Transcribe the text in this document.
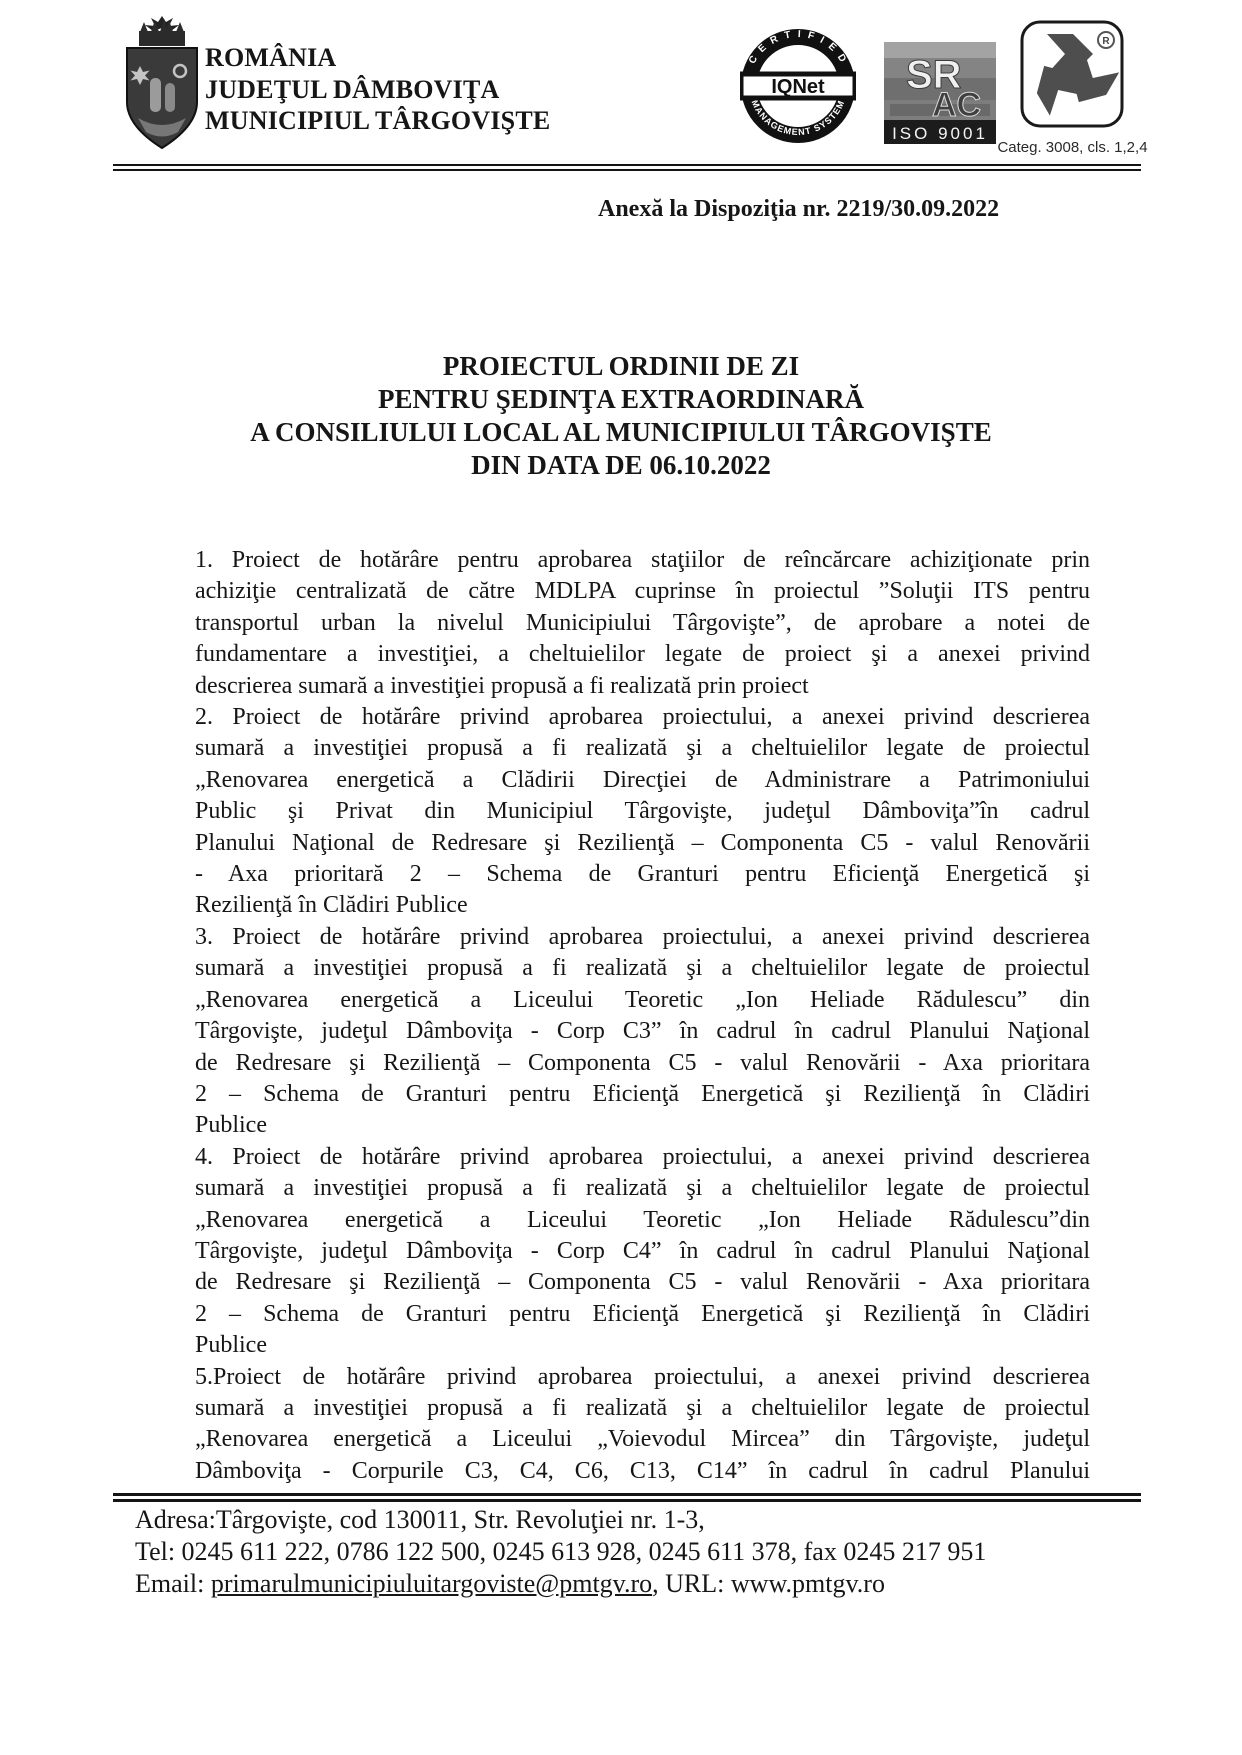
ROMÂNIA
JUDEŢUL DÂMBOVIŢA
MUNICIPIUL TÂRGOVIŞTE
C E R T I F I E D
MANAGEMENT SYSTEM
IQNet SR
AC
ISO 9001
R
Categ. 3008, cls. 1,2,4
Anexă la Dispoziţia nr. 2219/30.09.2022
PROIECTUL ORDINII DE ZI
PENTRU ŞEDINŢA EXTRAORDINARĂ
A CONSILIULUI LOCAL AL MUNICIPIULUI TÂRGOVIŞTE
DIN DATA DE 06.10.2022
1. Proiect de hotărâre pentru aprobarea staţiilor de reîncărcare achiziţionate prin
achiziţie centralizată de către MDLPA cuprinse în proiectul ”Soluţii ITS pentru
transportul urban la nivelul Municipiului Târgovişte”, de aprobare a notei de
fundamentare a investiţiei, a cheltuielilor legate de proiect şi a anexei privind
descrierea sumară a investiţiei propusă a fi realizată prin proiect
2. Proiect de hotărâre privind aprobarea proiectului, a anexei privind descrierea
sumară a investiţiei propusă a fi realizată şi a cheltuielilor legate de proiectul
„Renovarea energetică a Clădirii Direcţiei de Administrare a Patrimoniului
Public şi Privat din Municipiul Târgovişte, judeţul Dâmboviţa”în cadrul
Planului Naţional de Redresare şi Rezilienţă – Componenta C5 - valul Renovării
- Axa prioritară 2 – Schema de Granturi pentru Eficienţă Energetică şi
Rezilienţă în Clădiri Publice
3. Proiect de hotărâre privind aprobarea proiectului, a anexei privind descrierea
sumară a investiţiei propusă a fi realizată şi a cheltuielilor legate de proiectul
„Renovarea energetică a Liceului Teoretic „Ion Heliade Rădulescu” din
Târgovişte, judeţul Dâmboviţa - Corp C3” în cadrul în cadrul Planului Naţional
de Redresare şi Rezilienţă – Componenta C5 - valul Renovării - Axa prioritara
2 – Schema de Granturi pentru Eficienţă Energetică şi Rezilienţă în Clădiri
Publice
4. Proiect de hotărâre privind aprobarea proiectului, a anexei privind descrierea
sumară a investiţiei propusă a fi realizată şi a cheltuielilor legate de proiectul
„Renovarea energetică a Liceului Teoretic „Ion Heliade Rădulescu”din
Târgovişte, judeţul Dâmboviţa - Corp C4” în cadrul în cadrul Planului Naţional
de Redresare şi Rezilienţă – Componenta C5 - valul Renovării - Axa prioritara
2 – Schema de Granturi pentru Eficienţă Energetică şi Rezilienţă în Clădiri
Publice
5.Proiect de hotărâre privind aprobarea proiectului, a anexei privind descrierea
sumară a investiţiei propusă a fi realizată şi a cheltuielilor legate de proiectul
„Renovarea energetică a Liceului „Voievodul Mircea” din Târgovişte, judeţul
Dâmboviţa - Corpurile C3, C4, C6, C13, C14” în cadrul în cadrul Planului
Adresa:Târgovişte, cod 130011, Str. Revoluţiei nr. 1-3,
Tel: 0245 611 222, 0786 122 500, 0245 613 928, 0245 611 378, fax 0245 217 951
Email: primarulmunicipiuluitargoviste@pmtgv.ro, URL: www.pmtgv.ro
